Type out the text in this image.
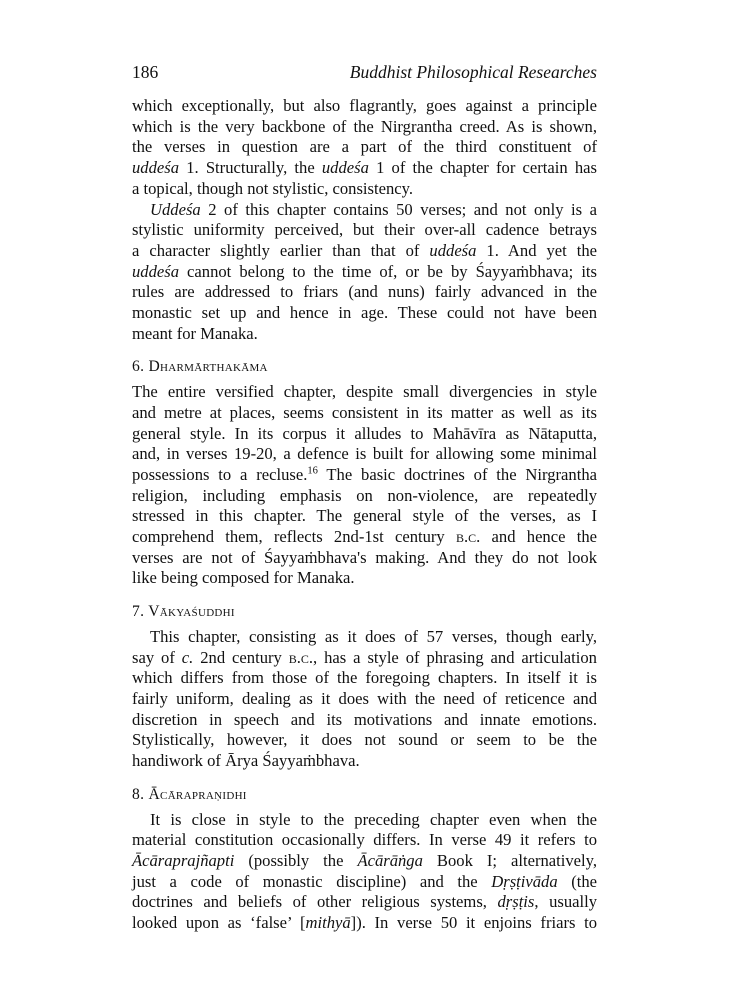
186	Buddhist Philosophical Researches

which exceptionally, but also flagrantly, goes against a principle
which is the very backbone of the Nirgrantha creed. As is shown,
the verses in question are a part of the third constituent of
uddeśa 1. Structurally, the uddeśa 1 of the chapter for certain has
a topical, though not stylistic, consistency.

Uddeśa 2 of this chapter contains 50 verses; and not only is a
stylistic uniformity perceived, but their over-all cadence betrays
a character slightly earlier than that of uddeśa 1. And yet the
uddeśa cannot belong to the time of, or be by Śayyaṁbhava; its
rules are addressed to friars (and nuns) fairly advanced in the
monastic set up and hence in age. These could not have been
meant for Manaka.

6. Dharmārthakāma

The entire versified chapter, despite small divergencies in style
and metre at places, seems consistent in its matter as well as its
general style. In its corpus it alludes to Mahāvīra as Nātaputta,
and, in verses 19-20, a defence is built for allowing some minimal
possessions to a recluse.$^{16}$ The basic doctrines of the Nirgrantha
religion, including emphasis on non-violence, are repeatedly
stressed in this chapter. The general style of the verses, as I
comprehend them, reflects 2nd-1st century b.c. and hence the
verses are not of Śayyaṁbhava's making. And they do not look
like being composed for Manaka.

7. Vākyaśuddhi

This chapter, consisting as it does of 57 verses, though early,
say of c. 2nd century b.c., has a style of phrasing and articulation
which differs from those of the foregoing chapters. In itself it is
fairly uniform, dealing as it does with the need of reticence and
discretion in speech and its motivations and innate emotions.
Stylistically, however, it does not sound or seem to be the
handiwork of Ārya Śayyaṁbhava.

8. Ācārapraṇidhi

It is close in style to the preceding chapter even when the
material constitution occasionally differs. In verse 49 it refers to
Ācāraprajñapti (possibly the Ācārāṅga Book I; alternatively,
just a code of monastic discipline) and the Dṛṣṭivāda (the
doctrines and beliefs of other religious systems, dṛṣṭis, usually
looked upon as ‘false’ [mithyā]). In verse 50 it enjoins friars to
